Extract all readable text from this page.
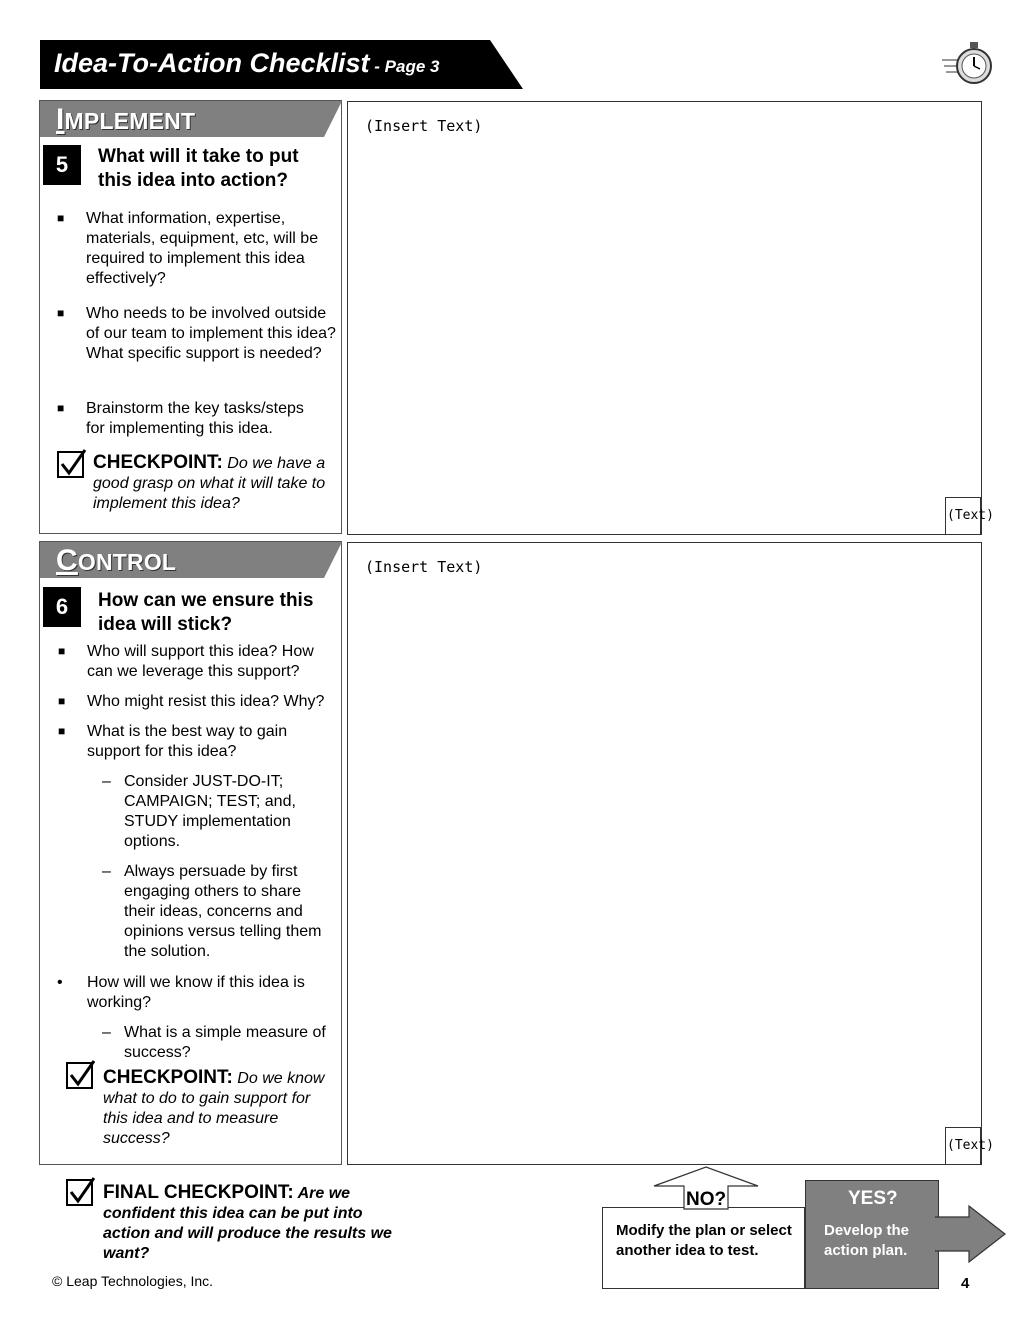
Idea-To-Action Checklist - Page 3
IMPLEMENT
5	What will it take to put this idea into action?
■ What information, expertise, materials, equipment, etc, will be required to implement this idea effectively?
■ Who needs to be involved outside of our team to implement this idea? What specific support is needed?
■ Brainstorm the key tasks/steps for implementing this idea.
CHECKPOINT: Do we have a good grasp on what it will take to implement this idea?
(Insert Text)
(Text)
CONTROL
6	How can we ensure this idea will stick?
■ Who will support this idea? How can we leverage this support?
■ Who might resist this idea? Why?
■ What is the best way to gain support for this idea?
– Consider JUST-DO-IT; CAMPAIGN; TEST; and, STUDY implementation options.
– Always persuade by first engaging others to share their ideas, concerns and opinions versus telling them the solution.
• How will we know if this idea is working?
– What is a simple measure of success?
CHECKPOINT: Do we know what to do to gain support for this idea and to measure success?
(Insert Text)
(Text)
FINAL CHECKPOINT: Are we confident this idea can be put into action and will produce the results we want?
© Leap Technologies, Inc.	4
NO?
Modify the plan or select another idea to test.
YES?
Develop the action plan.
